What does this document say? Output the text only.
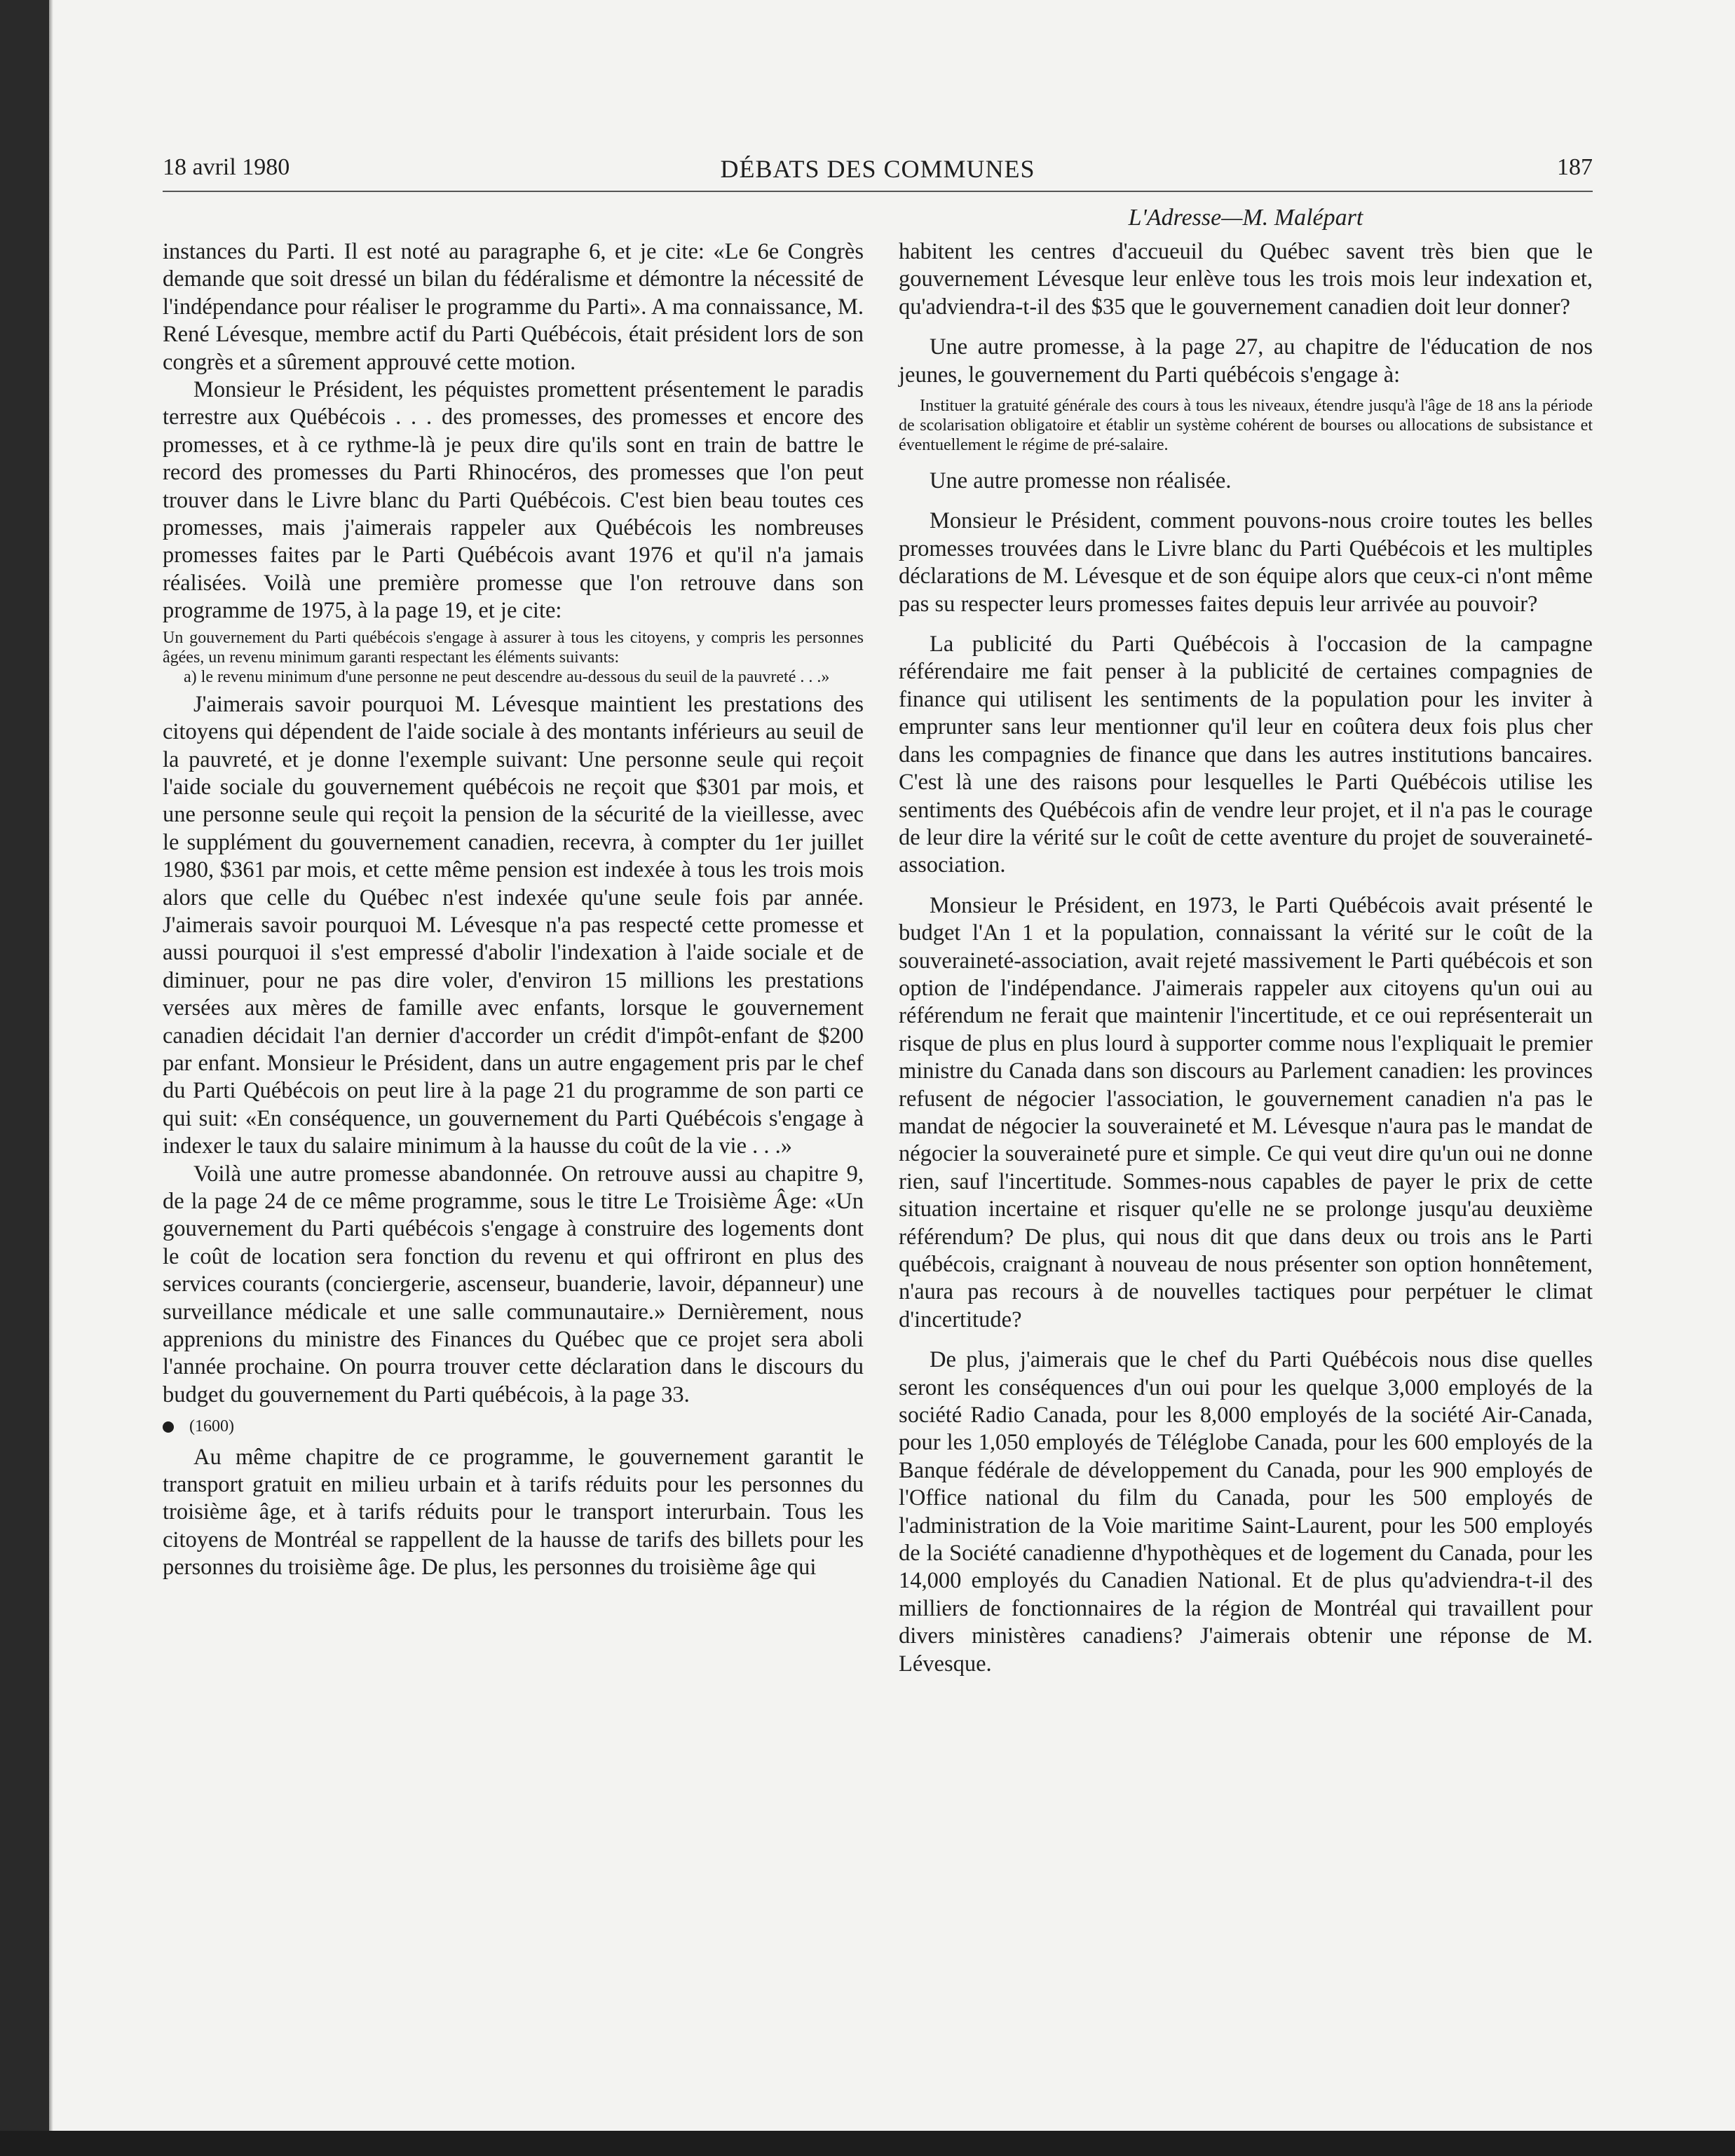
18 avril 1980	DÉBATS DES COMMUNES	187
L'Adresse—M. Malépart

instances du Parti. Il est noté au paragraphe 6, et je cite: «Le 6e Congrès demande que soit dressé un bilan du fédéralisme et démontre la nécessité de l'indépendance pour réaliser le programme du Parti». A ma connaissance, M. René Lévesque, membre actif du Parti Québécois, était président lors de son congrès et a sûrement approuvé cette motion.

Monsieur le Président, les péquistes promettent présentement le paradis terrestre aux Québécois . . . des promesses, des promesses et encore des promesses, et à ce rythme-là je peux dire qu'ils sont en train de battre le record des promesses du Parti Rhinocéros, des promesses que l'on peut trouver dans le Livre blanc du Parti Québécois. C'est bien beau toutes ces promesses, mais j'aimerais rappeler aux Québécois les nombreuses promesses faites par le Parti Québécois avant 1976 et qu'il n'a jamais réalisées. Voilà une première promesse que l'on retrouve dans son programme de 1975, à la page 19, et je cite:

Un gouvernement du Parti québécois s'engage à assurer à tous les citoyens, y compris les personnes âgées, un revenu minimum garanti respectant les éléments suivants:

a) le revenu minimum d'une personne ne peut descendre au-dessous du seuil de la pauvreté . . .»

J'aimerais savoir pourquoi M. Lévesque maintient les prestations des citoyens qui dépendent de l'aide sociale à des montants inférieurs au seuil de la pauvreté, et je donne l'exemple suivant: Une personne seule qui reçoit l'aide sociale du gouvernement québécois ne reçoit que $301 par mois, et une personne seule qui reçoit la pension de la sécurité de la vieillesse, avec le supplément du gouvernement canadien, recevra, à compter du 1er juillet 1980, $361 par mois, et cette même pension est indexée à tous les trois mois alors que celle du Québec n'est indexée qu'une seule fois par année. J'aimerais savoir pourquoi M. Lévesque n'a pas respecté cette promesse et aussi pourquoi il s'est empressé d'abolir l'indexation à l'aide sociale et de diminuer, pour ne pas dire voler, d'environ 15 millions les prestations versées aux mères de famille avec enfants, lorsque le gouvernement canadien décidait l'an dernier d'accorder un crédit d'impôt-enfant de $200 par enfant. Monsieur le Président, dans un autre engagement pris par le chef du Parti Québécois on peut lire à la page 21 du programme de son parti ce qui suit: «En conséquence, un gouvernement du Parti Québécois s'engage à indexer le taux du salaire minimum à la hausse du coût de la vie . . .»

Voilà une autre promesse abandonnée. On retrouve aussi au chapitre 9, de la page 24 de ce même programme, sous le titre Le Troisième Âge: «Un gouvernement du Parti québécois s'engage à construire des logements dont le coût de location sera fonction du revenu et qui offriront en plus des services courants (conciergerie, ascenseur, buanderie, lavoir, dépanneur) une surveillance médicale et une salle communautaire.» Dernièrement, nous apprenions du ministre des Finances du Québec que ce projet sera aboli l'année prochaine. On pourra trouver cette déclaration dans le discours du budget du gouvernement du Parti québécois, à la page 33.

(1600)

Au même chapitre de ce programme, le gouvernement garantit le transport gratuit en milieu urbain et à tarifs réduits pour les personnes du troisième âge, et à tarifs réduits pour le transport interurbain. Tous les citoyens de Montréal se rappellent de la hausse de tarifs des billets pour les personnes du troisième âge. De plus, les personnes du troisième âge qui

habitent les centres d'accueuil du Québec savent très bien que le gouvernement Lévesque leur enlève tous les trois mois leur indexation et, qu'adviendra-t-il des $35 que le gouvernement canadien doit leur donner?

Une autre promesse, à la page 27, au chapitre de l'éducation de nos jeunes, le gouvernement du Parti québécois s'engage à:

Instituer la gratuité générale des cours à tous les niveaux, étendre jusqu'à l'âge de 18 ans la période de scolarisation obligatoire et établir un système cohérent de bourses ou allocations de subsistance et éventuellement le régime de pré-salaire.

Une autre promesse non réalisée.

Monsieur le Président, comment pouvons-nous croire toutes les belles promesses trouvées dans le Livre blanc du Parti Québécois et les multiples déclarations de M. Lévesque et de son équipe alors que ceux-ci n'ont même pas su respecter leurs promesses faites depuis leur arrivée au pouvoir?

La publicité du Parti Québécois à l'occasion de la campagne référendaire me fait penser à la publicité de certaines compagnies de finance qui utilisent les sentiments de la population pour les inviter à emprunter sans leur mentionner qu'il leur en coûtera deux fois plus cher dans les compagnies de finance que dans les autres institutions bancaires. C'est là une des raisons pour lesquelles le Parti Québécois utilise les sentiments des Québécois afin de vendre leur projet, et il n'a pas le courage de leur dire la vérité sur le coût de cette aventure du projet de souveraineté-association.

Monsieur le Président, en 1973, le Parti Québécois avait présenté le budget l'An 1 et la population, connaissant la vérité sur le coût de la souveraineté-association, avait rejeté massivement le Parti québécois et son option de l'indépendance. J'aimerais rappeler aux citoyens qu'un oui au référendum ne ferait que maintenir l'incertitude, et ce oui représenterait un risque de plus en plus lourd à supporter comme nous l'expliquait le premier ministre du Canada dans son discours au Parlement canadien: les provinces refusent de négocier l'association, le gouvernement canadien n'a pas le mandat de négocier la souveraineté et M. Lévesque n'aura pas le mandat de négocier la souveraineté pure et simple. Ce qui veut dire qu'un oui ne donne rien, sauf l'incertitude. Sommes-nous capables de payer le prix de cette situation incertaine et risquer qu'elle ne se prolonge jusqu'au deuxième référendum? De plus, qui nous dit que dans deux ou trois ans le Parti québécois, craignant à nouveau de nous présenter son option honnêtement, n'aura pas recours à de nouvelles tactiques pour perpétuer le climat d'incertitude?

De plus, j'aimerais que le chef du Parti Québécois nous dise quelles seront les conséquences d'un oui pour les quelque 3,000 employés de la société Radio Canada, pour les 8,000 employés de la société Air-Canada, pour les 1,050 employés de Téléglobe Canada, pour les 600 employés de la Banque fédérale de développement du Canada, pour les 900 employés de l'Office national du film du Canada, pour les 500 employés de l'administration de la Voie maritime Saint-Laurent, pour les 500 employés de la Société canadienne d'hypothèques et de logement du Canada, pour les 14,000 employés du Canadien National. Et de plus qu'adviendra-t-il des milliers de fonctionnaires de la région de Montréal qui travaillent pour divers ministères canadiens? J'aimerais obtenir une réponse de M. Lévesque.
